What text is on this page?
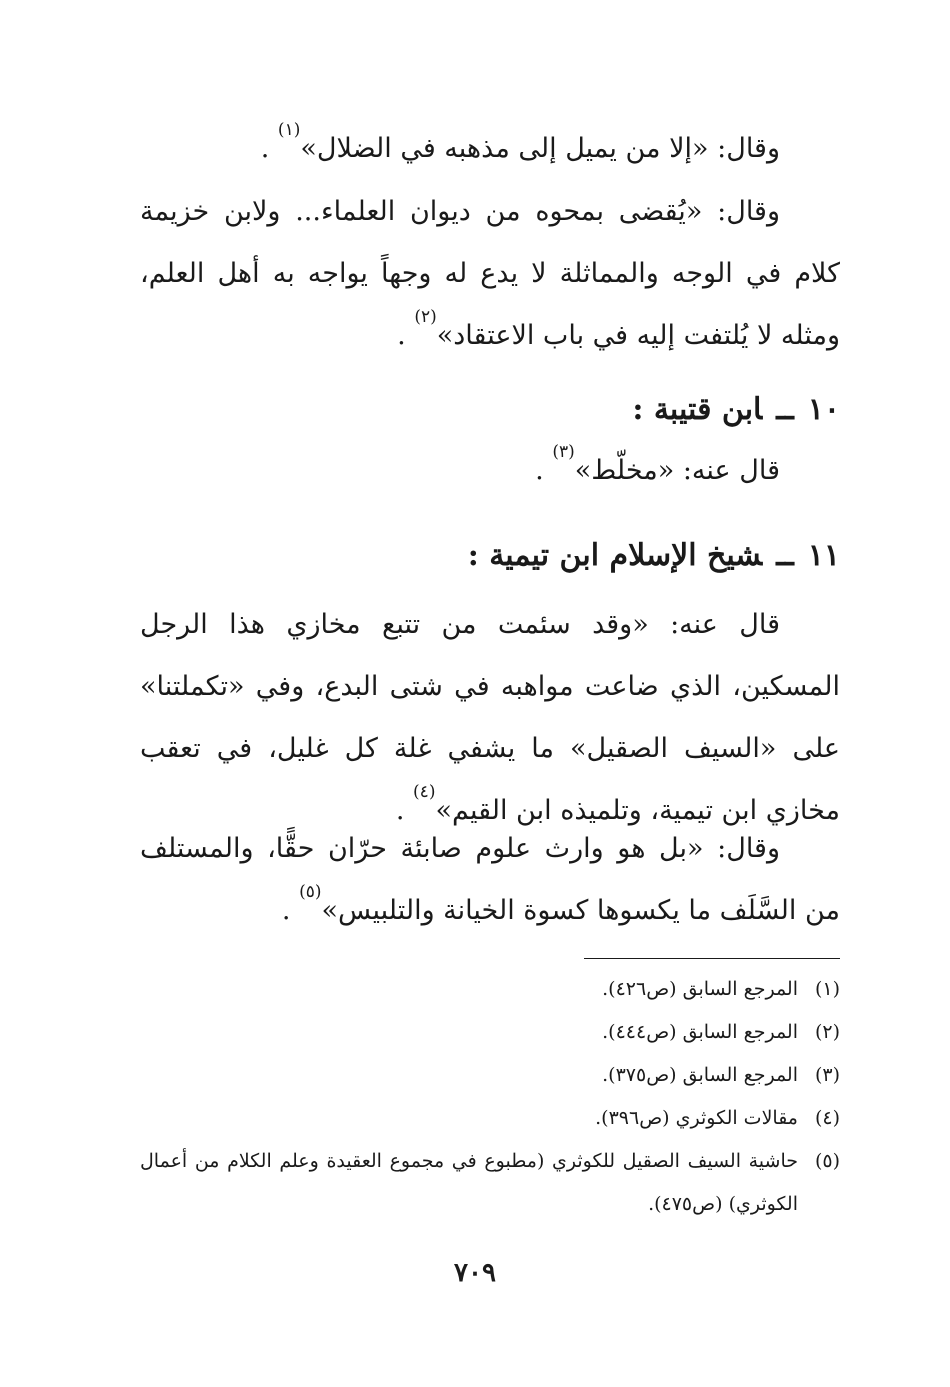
وقال: «إلا من يميل إلى مذهبه في الضلال»$^{(١)}$ .

وقال: «يُقضى بمحوه من ديوان العلماء... ولابن خزيمة كلام في الوجه والمماثلة لا يدع له وجهاً يواجه به أهل العلم، ومثله لا يُلتفت إليه في باب الاعتقاد»$^{(٢)}$ .

١٠ــابن قتيبة :

قال عنه: «مخلّط»$^{(٣)}$ .

١١ــشيخ الإسلام ابن تيمية :

قال عنه: «وقد سئمت من تتبع مخازي هذا الرجل المسكين، الذي ضاعت مواهبه في شتى البدع، وفي «تكملتنا» على «السيف الصقيل» ما يشفي غلة كل غليل، في تعقب مخازي ابن تيمية، وتلميذه ابن القيم»$^{(٤)}$ .

وقال: «بل هو وارث علوم صابئة حرّان حقًّا، والمستلف من السَّلَف ما يكسوها كسوة الخيانة والتلبيس»$^{(٥)}$ .

(١)
المرجع السابق (ص٤٢٦).
(٢)
المرجع السابق (ص٤٤٤).
(٣)
المرجع السابق (ص٣٧٥).
(٤)
مقالات الكوثري (ص٣٩٦).
(٥)
حاشية السيف الصقيل للكوثري (مطبوع في مجموع العقيدة وعلم الكلام من أعمال الكوثري) (ص٤٧٥).
٧٠٩
